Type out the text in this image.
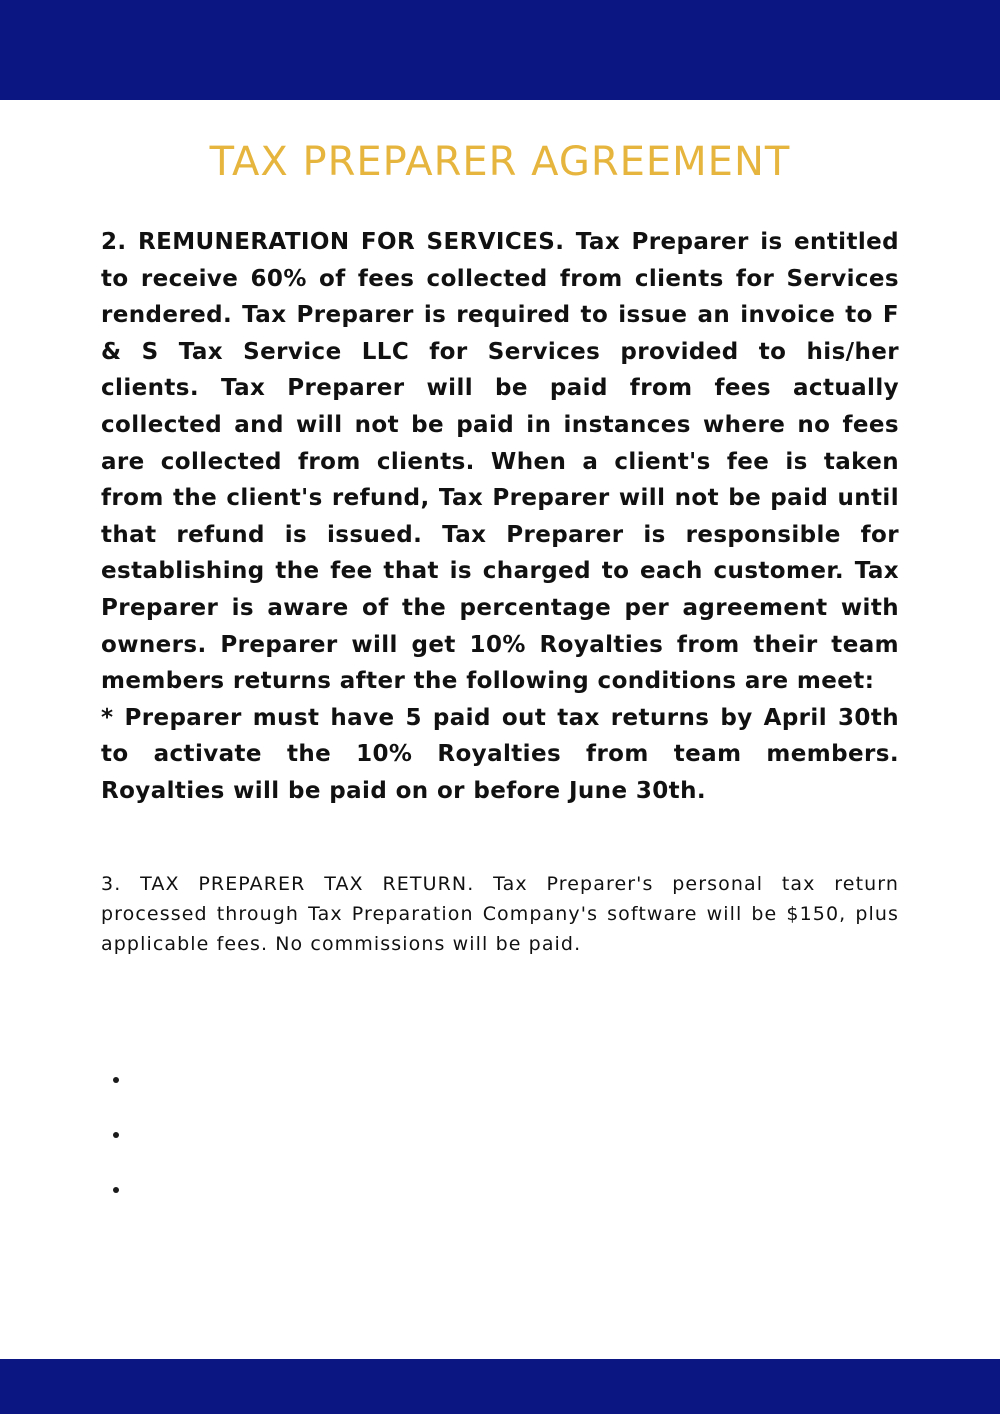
TAX PREPARER AGREEMENT

2. REMUNERATION FOR SERVICES. Tax Preparer is entitled to receive 60% of fees collected from clients for Services rendered. Tax Preparer is required to issue an invoice to F & S Tax Service LLC for Services provided to his/her clients. Tax Preparer will be paid from fees actually collected and will not be paid in instances where no fees are collected from clients. When a client's fee is taken from the client's refund, Tax Preparer will not be paid until that refund is issued. Tax Preparer is responsible for establishing the fee that is charged to each customer. Tax Preparer is aware of the percentage per agreement with owners. Preparer will get 10% Royalties from their team members returns after the following conditions are meet:

* Preparer must have 5 paid out tax returns by April 30th to activate the 10% Royalties from team members. Royalties will be paid on or before June 30th.

3. TAX PREPARER TAX RETURN. Tax Preparer's personal tax return processed through Tax Preparation Company's software will be $150, plus applicable fees. No commissions will be paid.
